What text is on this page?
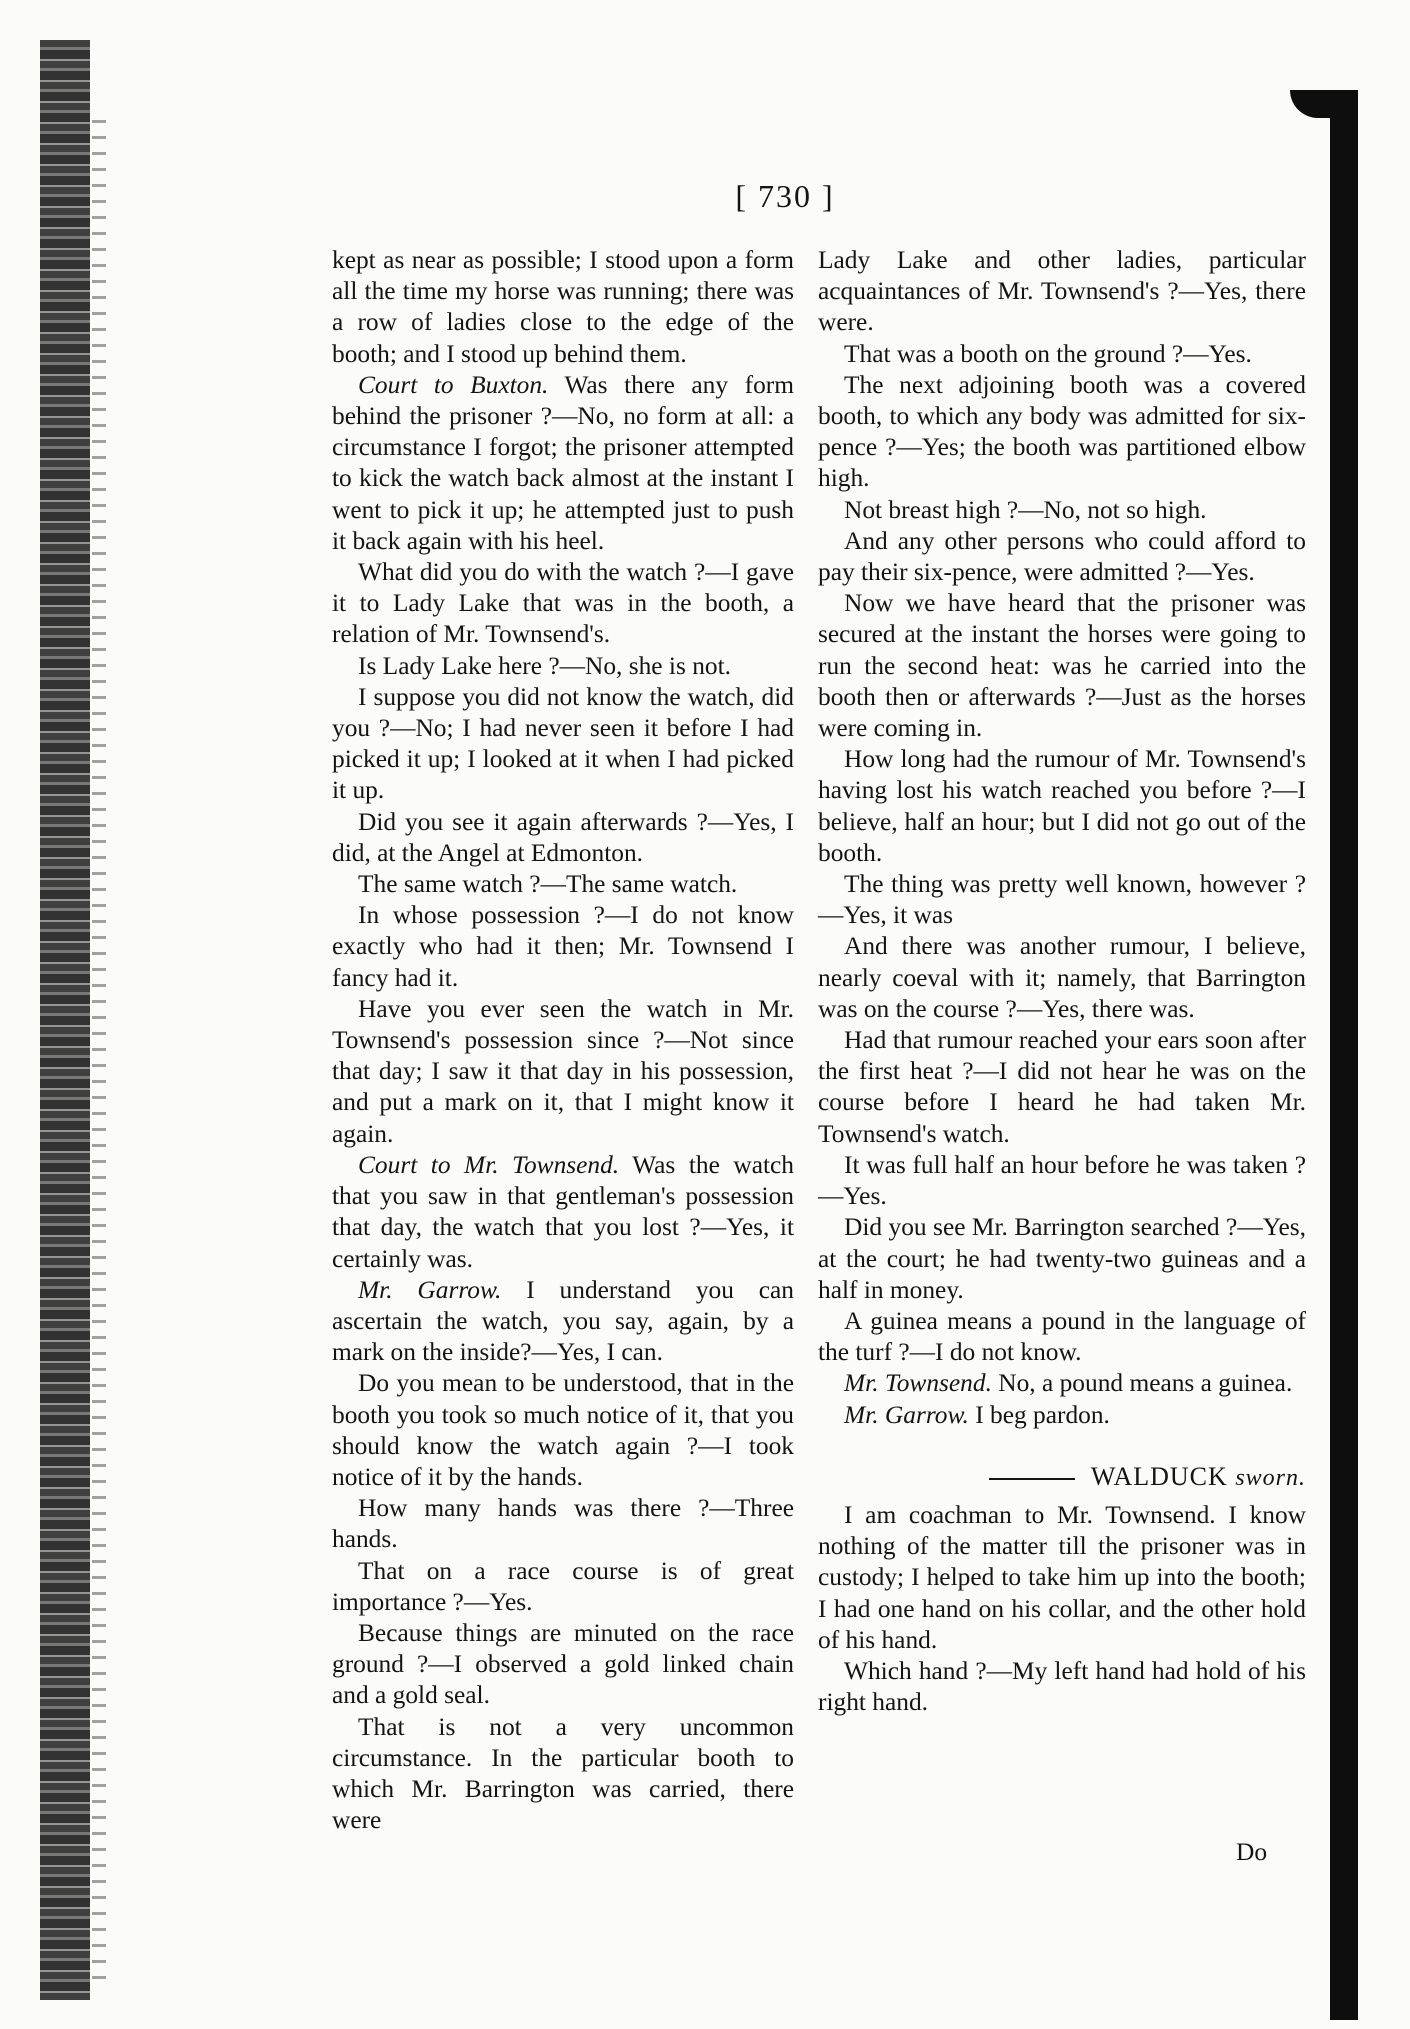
[ 730 ]

kept as near as possible; I stood upon a form all the time my horse was running; there was a row of ladies close to the edge of the booth; and I stood up behind them.

Court to Buxton. Was there any form behind the prisoner ?—No, no form at all: a circumstance I forgot; the prisoner attempted to kick the watch back almost at the instant I went to pick it up; he attempted just to push it back again with his heel.

What did you do with the watch ?—I gave it to Lady Lake that was in the booth, a relation of Mr. Townsend's.

Is Lady Lake here ?—No, she is not.

I suppose you did not know the watch, did you ?—No; I had never seen it before I had picked it up; I looked at it when I had picked it up.

Did you see it again afterwards ?—Yes, I did, at the Angel at Edmonton.

The same watch ?—The same watch.

In whose possession ?—I do not know exactly who had it then; Mr. Townsend I fancy had it.

Have you ever seen the watch in Mr. Townsend's possession since ?—Not since that day; I saw it that day in his possession, and put a mark on it, that I might know it again.

Court to Mr. Townsend. Was the watch that you saw in that gentleman's possession that day, the watch that you lost ?—Yes, it certainly was.

Mr. Garrow. I understand you can ascertain the watch, you say, again, by a mark on the inside?—Yes, I can.

Do you mean to be understood, that in the booth you took so much notice of it, that you should know the watch again ?—I took notice of it by the hands.

How many hands was there ?—Three hands.

That on a race course is of great importance ?—Yes.

Because things are minuted on the race ground ?—I observed a gold linked chain and a gold seal.

That is not a very uncommon circumstance. In the particular booth to which Mr. Barrington was carried, there were

Lady Lake and other ladies, particular acquaintances of Mr. Townsend's ?—Yes, there were.

That was a booth on the ground ?—Yes.

The next adjoining booth was a covered booth, to which any body was admitted for six-pence ?—Yes; the booth was partitioned elbow high.

Not breast high ?—No, not so high.

And any other persons who could afford to pay their six-pence, were admitted ?—Yes.

Now we have heard that the prisoner was secured at the instant the horses were going to run the second heat: was he carried into the booth then or afterwards ?—Just as the horses were coming in.

How long had the rumour of Mr. Townsend's having lost his watch reached you before ?—I believe, half an hour; but I did not go out of the booth.

The thing was pretty well known, however ?—Yes, it was

And there was another rumour, I believe, nearly coeval with it; namely, that Barrington was on the course ?—Yes, there was.

Had that rumour reached your ears soon after the first heat ?—I did not hear he was on the course before I heard he had taken Mr. Townsend's watch.

It was full half an hour before he was taken ?—Yes.

Did you see Mr. Barrington searched ?—Yes, at the court; he had twenty-two guineas and a half in money.

A guinea means a pound in the language of the turf ?—I do not know.

Mr. Townsend. No, a pound means a guinea.

Mr. Garrow. I beg pardon.

WALDUCK sworn.

I am coachman to Mr. Townsend. I know nothing of the matter till the prisoner was in custody; I helped to take him up into the booth; I had one hand on his collar, and the other hold of his hand.

Which hand ?—My left hand had hold of his right hand.

Do
